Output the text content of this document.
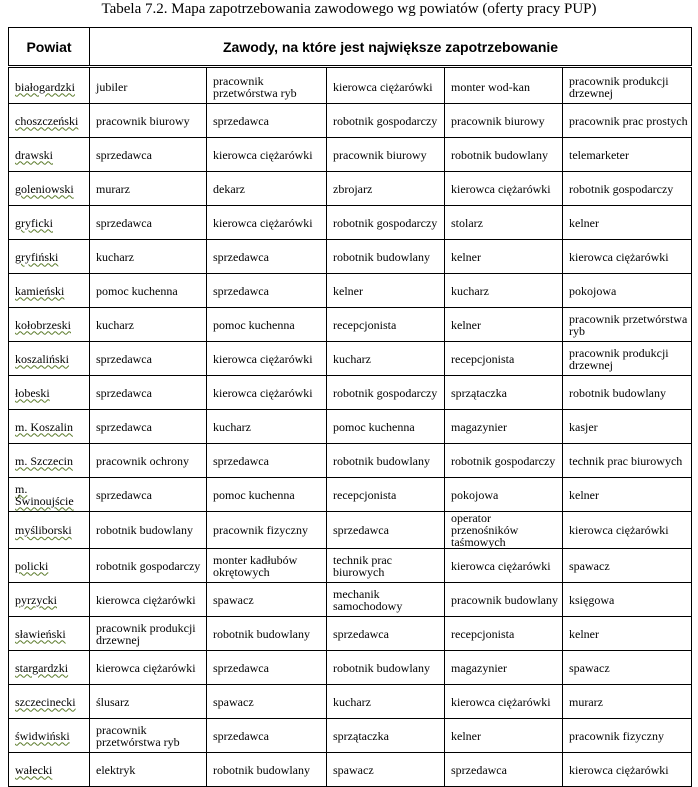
Tabela 7.2. Mapa zapotrzebowania zawodowego wg powiatów (oferty pracy PUP)
Powiat	Zawody, na które jest największe zapotrzebowanie				

białogardzki	jubiler	pracownik przetwórstwa ryb	kierowca ciężarówki	monter wod-kan	pracownik produkcji drzewnej

choszczeński	pracownik biurowy	sprzedawca	robotnik gospodarczy	pracownik biurowy	pracownik prac prostych

drawski	sprzedawca	kierowca ciężarówki	pracownik biurowy	robotnik budowlany	telemarketer

goleniowski	murarz	dekarz	zbrojarz	kierowca ciężarówki	robotnik gospodarczy

gryficki	sprzedawca	kierowca ciężarówki	robotnik gospodarczy	stolarz	kelner

gryfiński	kucharz	sprzedawca	robotnik budowlany	kelner	kierowca ciężarówki

kamieński	pomoc kuchenna	sprzedawca	kelner	kucharz	pokojowa

kołobrzeski	kucharz	pomoc kuchenna	recepcjonista	kelner	pracownik przetwórstwa ryb

koszaliński	sprzedawca	kierowca ciężarówki	kucharz	recepcjonista	pracownik produkcji drzewnej

łobeski	sprzedawca	kierowca ciężarówki	robotnik gospodarczy	sprzątaczka	robotnik budowlany

m. Koszalin	sprzedawca	kucharz	pomoc kuchenna	magazynier	kasjer

m. Szczecin	pracownik ochrony	sprzedawca	robotnik budowlany	robotnik gospodarczy	technik prac biurowych

m. Świnoujście	sprzedawca	pomoc kuchenna	recepcjonista	pokojowa	kelner

myśliborski	robotnik budowlany	pracownik fizyczny	sprzedawca	operator przenośników taśmowych	kierowca ciężarówki

policki	robotnik gospodarczy	monter kadłubów okrętowych	technik prac biurowych	kierowca ciężarówki	spawacz

pyrzycki	kierowca ciężarówki	spawacz	mechanik samochodowy	pracownik budowlany	księgowa

sławieński	pracownik produkcji drzewnej	robotnik budowlany	sprzedawca	recepcjonista	kelner

stargardzki	kierowca ciężarówki	sprzedawca	robotnik budowlany	magazynier	spawacz

szczecinecki	ślusarz	spawacz	kucharz	kierowca ciężarówki	murarz

świdwiński	pracownik przetwórstwa ryb	sprzedawca	sprzątaczka	kelner	pracownik fizyczny

wałecki	elektryk	robotnik budowlany	spawacz	sprzedawca	kierowca ciężarówki
